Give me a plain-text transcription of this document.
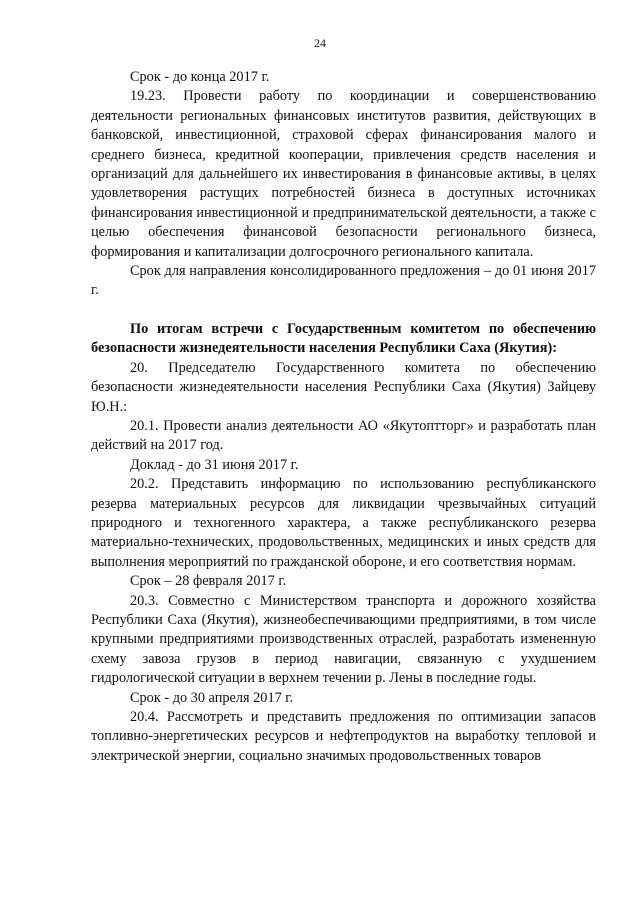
24

Срок - до конца 2017 г.

19.23. Провести работу по координации и совершенствованию деятельности региональных финансовых институтов развития, действующих в банковской, инвестиционной, страховой сферах финансирования малого и среднего бизнеса, кредитной кооперации, привлечения средств населения и организаций для дальнейшего их инвестирования в финансовые активы, в целях удовлетворения растущих потребностей бизнеса в доступных источниках финансирования инвестиционной и предпринимательской деятельности, а также с целью обеспечения финансовой безопасности регионального бизнеса, формирования и капитализации долгосрочного регионального капитала.

Срок для направления консолидированного предложения – до 01 июня 2017 г.

По итогам встречи с Государственным комитетом по обеспечению безопасности жизнедеятельности населения Республики Саха (Якутия):

20. Председателю Государственного комитета по обеспечению безопасности жизнедеятельности населения Республики Саха (Якутия) Зайцеву Ю.Н.:

20.1. Провести анализ деятельности АО «Якутоптторг» и разработать план действий на 2017 год.

Доклад - до 31 июня 2017 г.

20.2. Представить информацию по использованию республиканского резерва материальных ресурсов для ликвидации чрезвычайных ситуаций природного и техногенного характера, а также республиканского резерва материально-технических, продовольственных, медицинских и иных средств для выполнения мероприятий по гражданской обороне, и его соответствия нормам.

Срок – 28 февраля 2017 г.

20.3. Совместно с Министерством транспорта и дорожного хозяйства Республики Саха (Якутия), жизнеобеспечивающими предприятиями, в том числе крупными предприятиями производственных отраслей, разработать измененную схему завоза грузов в период навигации, связанную с ухудшением гидрологической ситуации в верхнем течении р. Лены в последние годы.

Срок - до 30 апреля 2017 г.

20.4. Рассмотреть и представить предложения по оптимизации запасов топливно-энергетических ресурсов и нефтепродуктов на выработку тепловой и электрической энергии, социально значимых продовольственных товаров
